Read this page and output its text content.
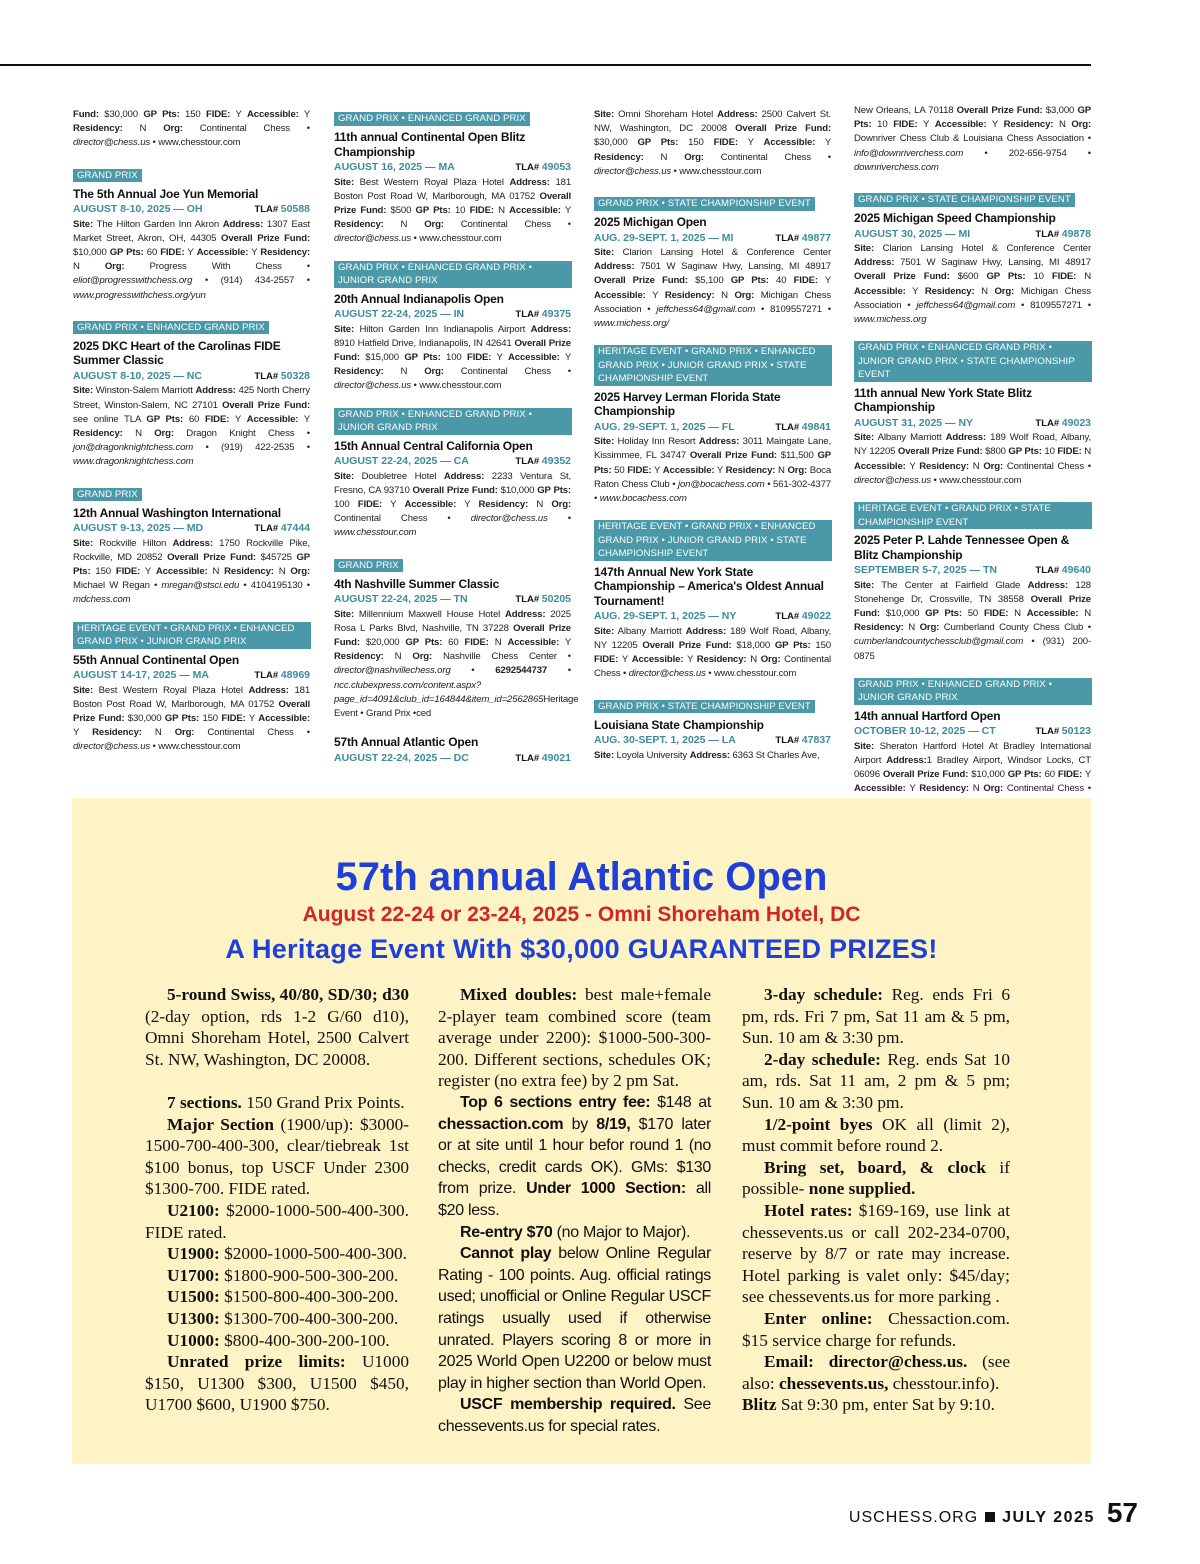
Fund: $30,000 GP Pts: 150 FIDE: Y Accessible: Y Residency: N Org: Continental Chess • director@chess.us • www.chesstour.com
GRAND PRIX
The 5th Annual Joe Yun Memorial
AUGUST 8-10, 2025 — OH	TLA# 50588
Site: The Hilton Garden Inn Akron Address: 1307 East Market Street, Akron, OH, 44305 Overall Prize Fund: $10,000 GP Pts: 60 FIDE: Y Accessible: Y Residency: N Org: Progress With Chess • eliot@progresswithchess.org • (914) 434-2557 • www.progresswithchess.org/yun
GRAND PRIX • ENHANCED GRAND PRIX
2025 DKC Heart of the Carolinas FIDE Summer Classic
AUGUST 8-10, 2025 — NC	TLA# 50328
Site: Winston-Salem Marriott Address: 425 North Cherry Street, Winston-Salem, NC 27101 Overall Prize Fund: see online TLA GP Pts: 60 FIDE: Y Accessible: Y Residency: N Org: Dragon Knight Chess • jon@dragonknightchess.com • (919) 422-2535 • www.dragonknightchess.com
GRAND PRIX
12th Annual Washington International
AUGUST 9-13, 2025 — MD	TLA# 47444
Site: Rockville Hilton Address: 1750 Rockville Pike, Rockville, MD 20852 Overall Prize Fund: $45725 GP Pts: 150 FIDE: Y Accessible: N Residency: N Org: Michael W Regan • mregan@stsci.edu • 4104195130 • mdchess.com
HERITAGE EVENT • GRAND PRIX • ENHANCED GRAND PRIX • JUNIOR GRAND PRIX
55th Annual Continental Open
AUGUST 14-17, 2025 — MA	TLA# 48969
Site: Best Western Royal Plaza Hotel Address: 181 Boston Post Road W, Marlborough, MA 01752 Overall Prize Fund: $30,000 GP Pts: 150 FIDE: Y Accessible: Y Residency: N Org: Continental Chess • director@chess.us • www.chesstour.com
GRAND PRIX • ENHANCED GRAND PRIX
11th annual Continental Open Blitz Championship
AUGUST 16, 2025 — MA	TLA# 49053
Site: Best Western Royal Plaza Hotel Address: 181 Boston Post Road W, Marlborough, MA 01752 Overall Prize Fund: $500 GP Pts: 10 FIDE: N Accessible: Y Residency: N Org: Continental Chess • director@chess.us • www.chesstour.com
GRAND PRIX • ENHANCED GRAND PRIX • JUNIOR GRAND PRIX
20th Annual Indianapolis Open
AUGUST 22-24, 2025 — IN	TLA# 49375
Site: Hilton Garden Inn Indianapolis Airport Address: 8910 Hatfield Drive, Indianapolis, IN 42641 Overall Prize Fund: $15,000 GP Pts: 100 FIDE: Y Accessible: Y Residency: N Org: Continental Chess • director@chess.us • www.chesstour.com
GRAND PRIX • ENHANCED GRAND PRIX • JUNIOR GRAND PRIX
15th Annual Central California Open
AUGUST 22-24, 2025 — CA	TLA# 49352
Site: Doubletree Hotel Address: 2233 Ventura St, Fresno, CA 93710 Overall Prize Fund: $10,000 GP Pts: 100 FIDE: Y Accessible: Y Residency: N Org: Continental Chess • director@chess.us • www.chesstour.com
GRAND PRIX
4th Nashville Summer Classic
AUGUST 22-24, 2025 — TN	TLA# 50205
Site: Millennium Maxwell House Hotel Address: 2025 Rosa L Parks Blvd, Nashville, TN 37228 Overall Prize Fund: $20,000 GP Pts: 60 FIDE: N Accessible: Y Residency: N Org: Nashville Chess Center • director@nashvillechess.org • 6292544737 • ncc.clubexpress.com/content.aspx?page_id=4091&club_id=164844&item_id=2562865Heritage Event • Grand Prix •ced
57th Annual Atlantic Open
AUGUST 22-24, 2025 — DC	TLA# 49021
Site: Omni Shoreham Hotel Address: 2500 Calvert St. NW, Washington, DC 20008 Overall Prize Fund: $30,000 GP Pts: 150 FIDE: Y Accessible: Y Residency: N Org: Continental Chess • director@chess.us • www.chesstour.com
GRAND PRIX • STATE CHAMPIONSHIP EVENT
2025 Michigan Open
AUG. 29-SEPT. 1, 2025 — MI	TLA# 49877
Site: Clarion Lansing Hotel & Conference Center Address: 7501 W Saginaw Hwy, Lansing, MI 48917 Overall Prize Fund: $5,100 GP Pts: 40 FIDE: Y Accessible: Y Residency: N Org: Michigan Chess Association • jeffchess64@gmail.com • 8109557271 • www.michess.org/
HERITAGE EVENT • GRAND PRIX • ENHANCED GRAND PRIX • JUNIOR GRAND PRIX • STATE CHAMPIONSHIP EVENT
2025 Harvey Lerman Florida State Championship
AUG. 29-SEPT. 1, 2025 — FL	TLA# 49841
Site: Holiday Inn Resort Address: 3011 Maingate Lane, Kissimmee, FL 34747 Overall Prize Fund: $11,500 GP Pts: 50 FIDE: Y Accessible: Y Residency: N Org: Boca Raton Chess Club • jon@bocachess.com • 561-302-4377 • www.bocachess.com
HERITAGE EVENT • GRAND PRIX • ENHANCED GRAND PRIX • JUNIOR GRAND PRIX • STATE CHAMPIONSHIP EVENT
147th Annual New York State Championship – America's Oldest Annual Tournament!
AUG. 29-SEPT. 1, 2025 — NY	TLA# 49022
Site: Albany Marriott Address: 189 Wolf Road, Albany, NY 12205 Overall Prize Fund: $18,000 GP Pts: 150 FIDE: Y Accessible: Y Residency: N Org: Continental Chess • director@chess.us • www.chesstour.com
GRAND PRIX • STATE CHAMPIONSHIP EVENT
Louisiana State Championship
AUG. 30-SEPT. 1, 2025 — LA	TLA# 47837
Site: Loyola University Address: 6363 St Charles Ave,
New Orleans, LA 70118 Overall Prize Fund: $3,000 GP Pts: 10 FIDE: Y Accessible: Y Residency: N Org: Downriver Chess Club & Louisiana Chess Association • info@downriverchess.com • 202-656-9754 • downriverchess.com
GRAND PRIX • STATE CHAMPIONSHIP EVENT
2025 Michigan Speed Championship
AUGUST 30, 2025 — MI	TLA# 49878
Site: Clarion Lansing Hotel & Conference Center Address: 7501 W Saginaw Hwy, Lansing, MI 48917 Overall Prize Fund: $600 GP Pts: 10 FIDE: N Accessible: Y Residency: N Org: Michigan Chess Association • jeffchess64@gmail.com • 8109557271 • www.michess.org
GRAND PRIX • ENHANCED GRAND PRIX • JUNIOR GRAND PRIX • STATE CHAMPIONSHIP EVENT
11th annual New York State Blitz Championship
AUGUST 31, 2025 — NY	TLA# 49023
Site: Albany Marriott Address: 189 Wolf Road, Albany, NY 12205 Overall Prize Fund: $800 GP Pts: 10 FIDE: N Accessible: Y Residency: N Org: Continental Chess • director@chess.us • www.chesstour.com
HERITAGE EVENT • GRAND PRIX • STATE CHAMPIONSHIP EVENT
2025 Peter P. Lahde Tennessee Open & Blitz Championship
SEPTEMBER 5-7, 2025 — TN	TLA# 49640
Site: The Center at Fairfield Glade Address: 128 Stonehenge Dr, Crossville, TN 38558 Overall Prize Fund: $10,000 GP Pts: 50 FIDE: N Accessible: N Residency: N Org: Cumberland County Chess Club • cumberlandcountychessclub@gmail.com • (931) 200-0875
GRAND PRIX • ENHANCED GRAND PRIX • JUNIOR GRAND PRIX
14th annual Hartford Open
OCTOBER 10-12, 2025 — CT	TLA# 50123
Site: Sheraton Hartford Hotel At Bradley International Airport Address:1 Bradley Airport, Windsor Locks, CT 06096 Overall Prize Fund: $10,000 GP Pts: 60 FIDE: Y Accessible: Y Residency: N Org: Continental Chess •
57th annual Atlantic Open
August 22-24 or 23-24, 2025 - Omni Shoreham Hotel, DC
A Heritage Event With $30,000 GUARANTEED PRIZES!

5-round Swiss, 40/80, SD/30; d30 (2-day option, rds 1-2 G/60 d10), Omni Shoreham Hotel, 2500 Calvert St. NW, Washington, DC 20008.

7 sections. 150 Grand Prix Points.

Major Section (1900/up): $3000-1500-700-400-300, clear/tiebreak 1st $100 bonus, top USCF Under 2300 $1300-700. FIDE rated.

U2100: $2000-1000-500-400-300. FIDE rated.

U1900: $2000-1000-500-400-300.

U1700: $1800-900-500-300-200.

U1500: $1500-800-400-300-200.

U1300: $1300-700-400-300-200.

U1000: $800-400-300-200-100.

Unrated prize limits: U1000 $150, U1300 $300, U1500 $450, U1700 $600, U1900 $750.

Mixed doubles: best male+female 2-player team combined score (team average under 2200): $1000-500-300-200. Different sections, schedules OK; register (no extra fee) by 2 pm Sat.

Top 6 sections entry fee: $148 at chessaction.com by 8/19, $170 later or at site until 1 hour befor round 1 (no checks, credit cards OK). GMs: $130 from prize. Under 1000 Section: all $20 less.

Re-entry $70 (no Major to Major).

Cannot play below Online Regular Rating - 100 points. Aug. official ratings used; unofficial or Online Regular USCF ratings usually used if otherwise unrated. Players scoring 8 or more in 2025 World Open U2200 or below must play in higher section than World Open.

USCF membership required. See chessevents.us for special rates.

3-day schedule: Reg. ends Fri 6 pm, rds. Fri 7 pm, Sat 11 am & 5 pm, Sun. 10 am & 3:30 pm.

2-day schedule: Reg. ends Sat 10 am, rds. Sat 11 am, 2 pm & 5 pm; Sun. 10 am & 3:30 pm.

1/2-point byes OK all (limit 2), must commit before round 2.

Bring set, board, & clock if possible- none supplied.

Hotel rates: $169-169, use link at chessevents.us or call 202-234-0700, reserve by 8/7 or rate may increase. Hotel parking is valet only: $45/day; see chessevents.us for more parking .

Enter online: Chessaction.com. $15 service charge for refunds.

Email: director@chess.us. (see also: chessevents.us, chesstour.info).

Blitz Sat 9:30 pm, enter Sat by 9:10.

USCHESS.ORG JULY 2025 57
